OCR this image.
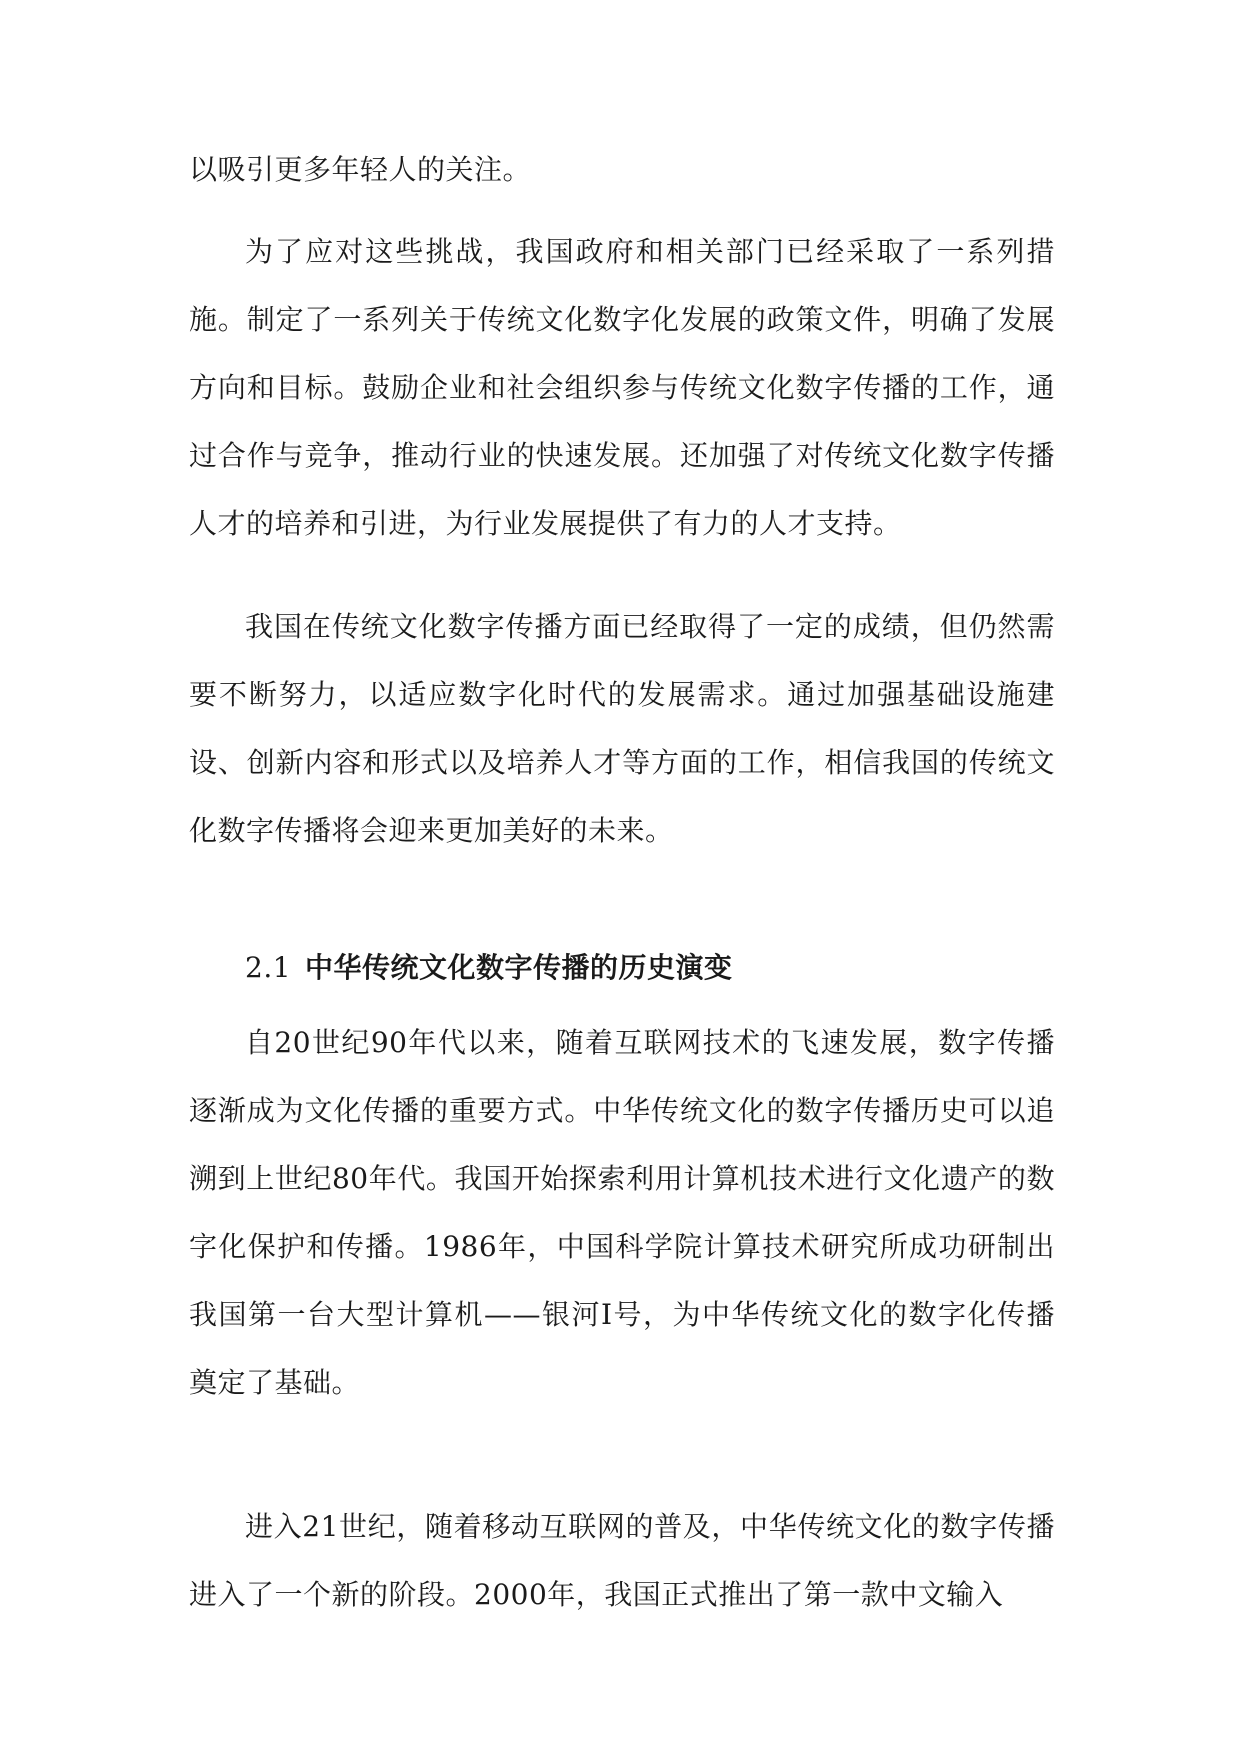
以吸引更多年轻人的关注。

为了应对这些挑战，我国政府和相关部门已经采取了一系列措施。制定了一系列关于传统文化数字化发展的政策文件，明确了发展方向和目标。鼓励企业和社会组织参与传统文化数字传播的工作，通过合作与竞争，推动行业的快速发展。还加强了对传统文化数字传播人才的培养和引进，为行业发展提供了有力的人才支持。

我国在传统文化数字传播方面已经取得了一定的成绩，但仍然需要不断努力，以适应数字化时代的发展需求。通过加强基础设施建设、创新内容和形式以及培养人才等方面的工作，相信我国的传统文化数字传播将会迎来更加美好的未来。

2.1 中华传统文化数字传播的历史演变

自20世纪90年代以来，随着互联网技术的飞速发展，数字传播逐渐成为文化传播的重要方式。中华传统文化的数字传播历史可以追溯到上世纪80年代。我国开始探索利用计算机技术进行文化遗产的数字化保护和传播。1986年，中国科学院计算技术研究所成功研制出我国第一台大型计算机——银河Ⅰ号，为中华传统文化的数字化传播奠定了基础。

进入21世纪，随着移动互联网的普及，中华传统文化的数字传播进入了一个新的阶段。2000年，我国正式推出了第一款中文输入
